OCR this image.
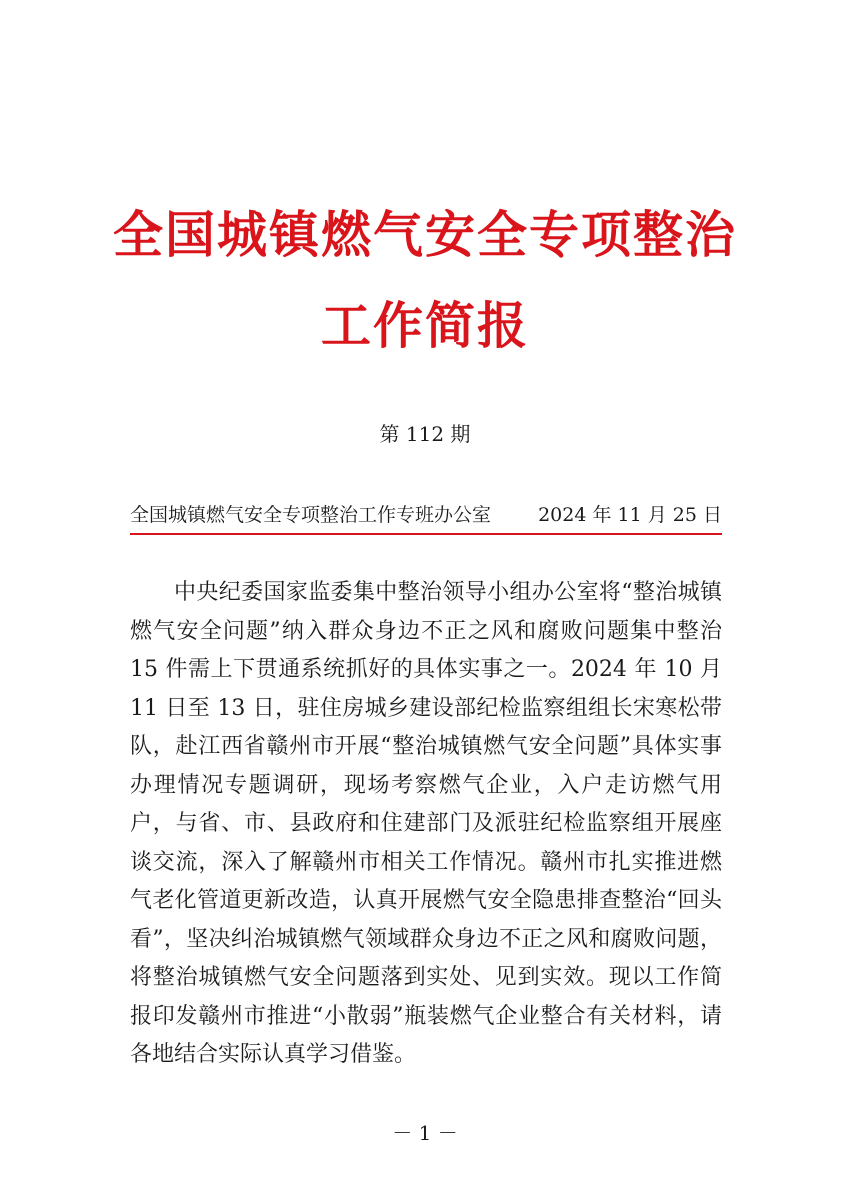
全国城镇燃气安全专项整治
工作简报
第 112 期
全国城镇燃气安全专项整治工作专班办公室 2024 年 11 月 25 日

中央纪委国家监委集中整治领导小组办公室将“整治城镇燃气安全问题”纳入群众身边不正之风和腐败问题集中整治 15 件需上下贯通系统抓好的具体实事之一。2024 年 10 月 11 日至 13 日，驻住房城乡建设部纪检监察组组长宋寒松带队，赴江西省赣州市开展“整治城镇燃气安全问题”具体实事办理情况专题调研，现场考察燃气企业，入户走访燃气用户，与省、市、县政府和住建部门及派驻纪检监察组开展座谈交流，深入了解赣州市相关工作情况。赣州市扎实推进燃气老化管道更新改造，认真开展燃气安全隐患排查整治“回头看”，坚决纠治城镇燃气领域群众身边不正之风和腐败问题，将整治城镇燃气安全问题落到实处、见到实效。现以工作简报印发赣州市推进“小散弱”瓶装燃气企业整合有关材料，请各地结合实际认真学习借鉴。

－ 1 －
